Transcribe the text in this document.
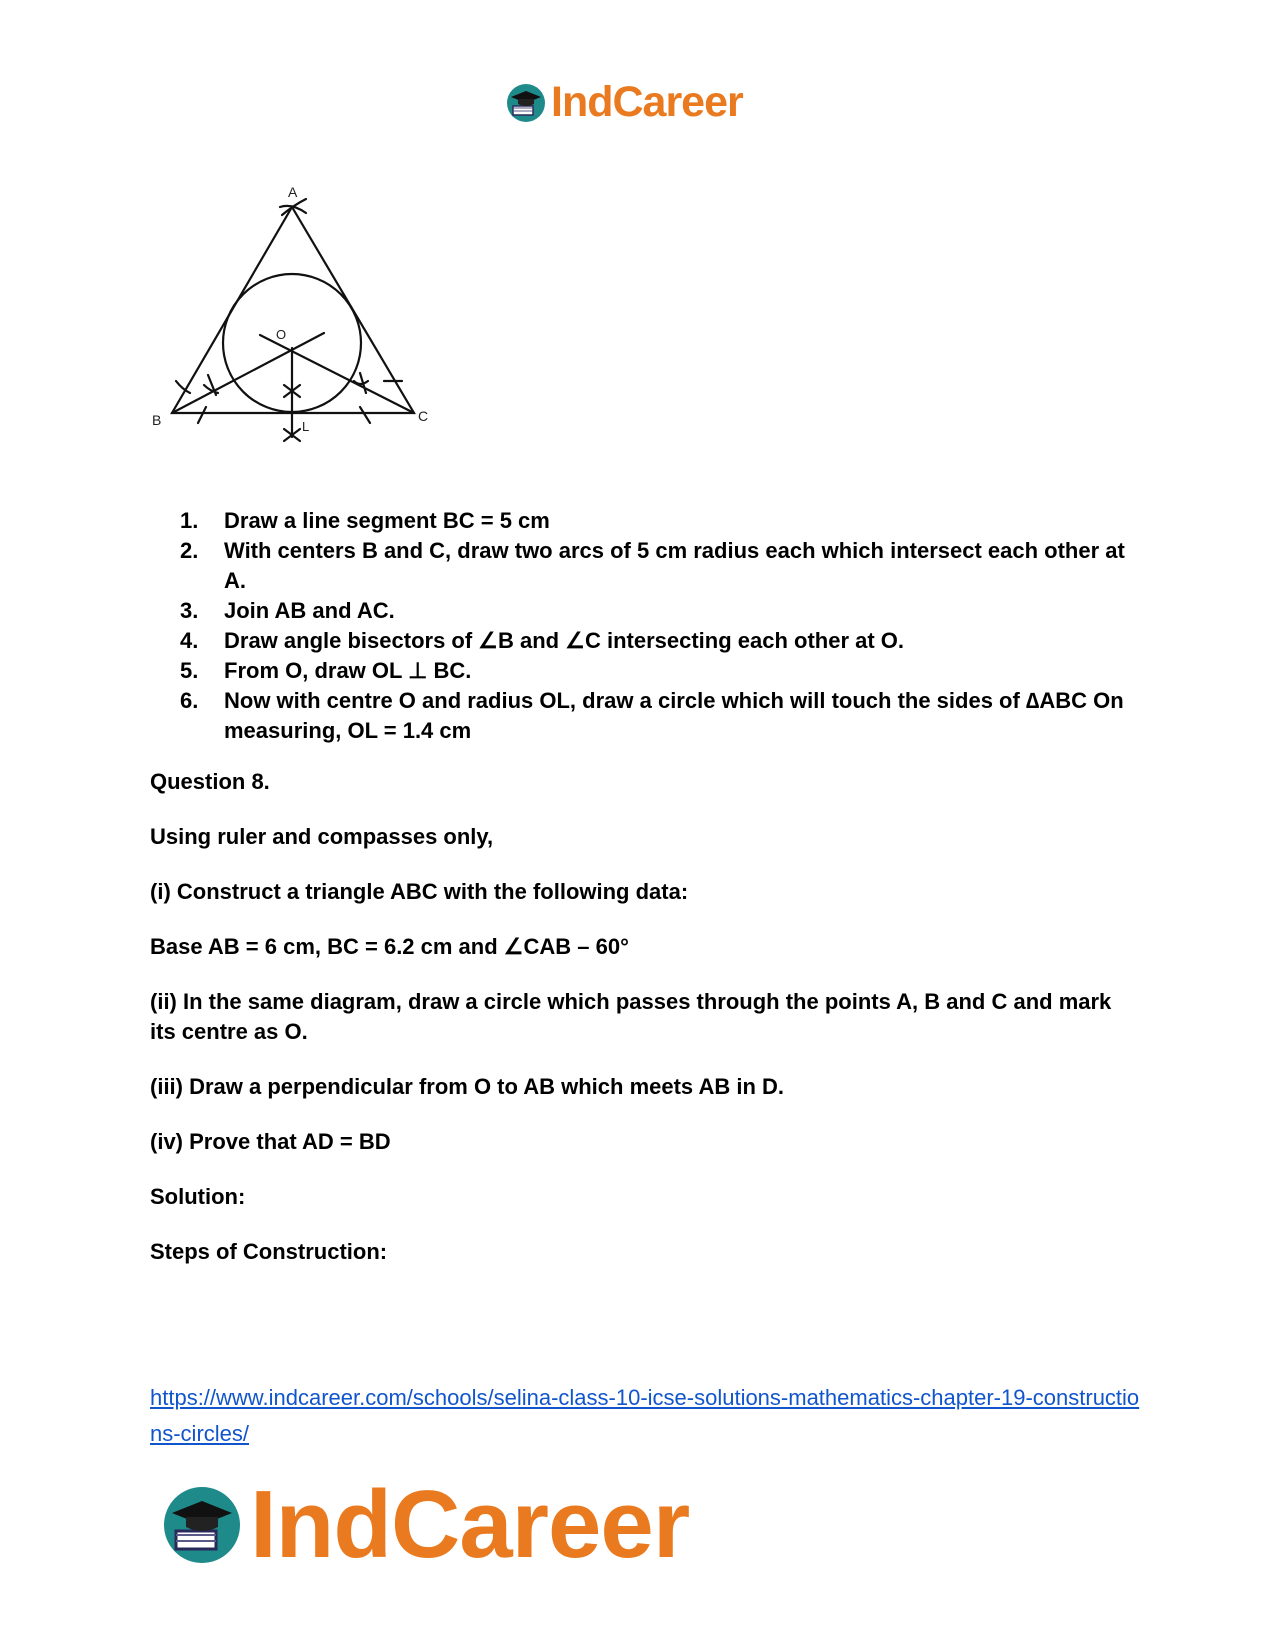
IndCareer
A
B	C
O
L
1.	Draw a line segment BC = 5 cm
2.	With centers B and C, draw two arcs of 5 cm radius each which intersect each other at A.
3.	Join AB and AC.
4.	Draw angle bisectors of ∠B and ∠C intersecting each other at O.
5.	From O, draw OL ⊥ BC.
6.	Now with centre O and radius OL, draw a circle which will touch the sides of ∆ABC On measuring, OL = 1.4 cm

Question 8.

Using ruler and compasses only,

(i) Construct a triangle ABC with the following data:

Base AB = 6 cm, BC = 6.2 cm and ∠CAB – 60°

(ii) In the same diagram, draw a circle which passes through the points A, B and C and mark its centre as O.

(iii) Draw a perpendicular from O to AB which meets AB in D.

(iv) Prove that AD = BD

Solution:

Steps of Construction:

https://www.indcareer.com/schools/selina-class-10-icse-solutions-mathematics-chapter-19-constructions-circles/
IndCareer
